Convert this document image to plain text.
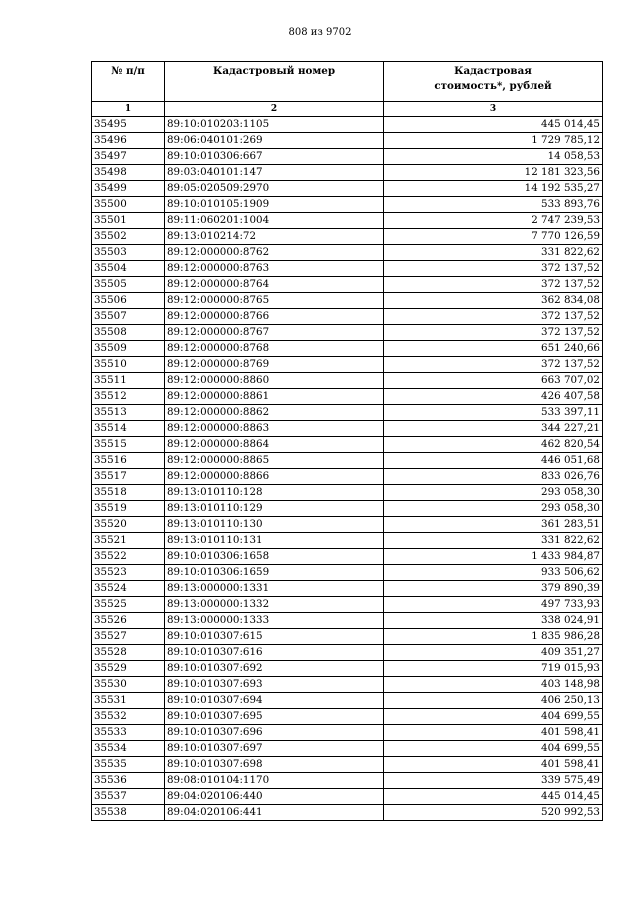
808 из 9702
№ п/п	Кадастровый номер	Кадастровая стоимость*, рублей
1	2	3
35495	89:10:010203:1105	445 014,45
35496	89:06:040101:269	1 729 785,12
35497	89:10:010306:667	14 058,53
35498	89:03:040101:147	12 181 323,56
35499	89:05:020509:2970	14 192 535,27
35500	89:10:010105:1909	533 893,76
35501	89:11:060201:1004	2 747 239,53
35502	89:13:010214:72	7 770 126,59
35503	89:12:000000:8762	331 822,62
35504	89:12:000000:8763	372 137,52
35505	89:12:000000:8764	372 137,52
35506	89:12:000000:8765	362 834,08
35507	89:12:000000:8766	372 137,52
35508	89:12:000000:8767	372 137,52
35509	89:12:000000:8768	651 240,66
35510	89:12:000000:8769	372 137,52
35511	89:12:000000:8860	663 707,02
35512	89:12:000000:8861	426 407,58
35513	89:12:000000:8862	533 397,11
35514	89:12:000000:8863	344 227,21
35515	89:12:000000:8864	462 820,54
35516	89:12:000000:8865	446 051,68
35517	89:12:000000:8866	833 026,76
35518	89:13:010110:128	293 058,30
35519	89:13:010110:129	293 058,30
35520	89:13:010110:130	361 283,51
35521	89:13:010110:131	331 822,62
35522	89:10:010306:1658	1 433 984,87
35523	89:10:010306:1659	933 506,62
35524	89:13:000000:1331	379 890,39
35525	89:13:000000:1332	497 733,93
35526	89:13:000000:1333	338 024,91
35527	89:10:010307:615	1 835 986,28
35528	89:10:010307:616	409 351,27
35529	89:10:010307:692	719 015,93
35530	89:10:010307:693	403 148,98
35531	89:10:010307:694	406 250,13
35532	89:10:010307:695	404 699,55
35533	89:10:010307:696	401 598,41
35534	89:10:010307:697	404 699,55
35535	89:10:010307:698	401 598,41
35536	89:08:010104:1170	339 575,49
35537	89:04:020106:440	445 014,45
35538	89:04:020106:441	520 992,53
